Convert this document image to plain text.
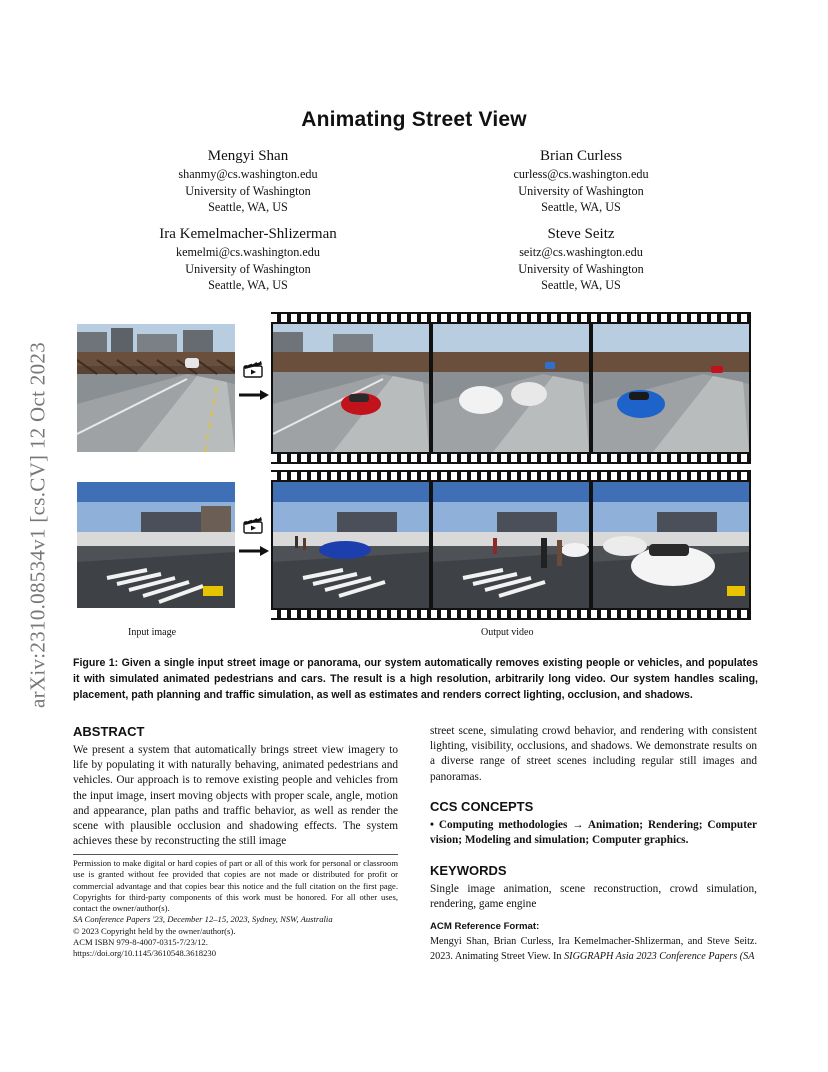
arXiv:2310.08534v1 [cs.CV] 12 Oct 2023
Animating Street View
Mengyi Shan
shanmy@cs.washington.edu
University of Washington
Seattle, WA, US
Brian Curless
curless@cs.washington.edu
University of Washington
Seattle, WA, US
Ira Kemelmacher-Shlizerman
kemelmi@cs.washington.edu
University of Washington
Seattle, WA, US
Steve Seitz
seitz@cs.washington.edu
University of Washington
Seattle, WA, US
Input image	Output video
Figure 1: Given a single input street image or panorama, our system automatically removes existing people or vehicles, and populates it with simulated animated pedestrians and cars. The result is a high resolution, arbitrarily long video. Our system handles scaling, placement, path planning and traffic simulation, as well as estimates and renders correct lighting, occlusion, and shadows.
ABSTRACT
We present a system that automatically brings street view imagery to life by populating it with naturally behaving, animated pedestrians and vehicles. Our approach is to remove existing people and vehicles from the input image, insert moving objects with proper scale, angle, motion and appearance, plan paths and traffic behavior, as well as render the scene with plausible occlusion and shadowing effects. The system achieves these by reconstructing the still image
Permission to make digital or hard copies of part or all of this work for personal or classroom use is granted without fee provided that copies are not made or distributed for profit or commercial advantage and that copies bear this notice and the full citation on the first page. Copyrights for third-party components of this work must be honored. For all other uses, contact the owner/author(s).
SA Conference Papers '23, December 12–15, 2023, Sydney, NSW, Australia
© 2023 Copyright held by the owner/author(s).
ACM ISBN 979-8-4007-0315-7/23/12.
https://doi.org/10.1145/3610548.3618230
street scene, simulating crowd behavior, and rendering with consistent lighting, visibility, occlusions, and shadows. We demonstrate results on a diverse range of street scenes including regular still images and panoramas.
CCS CONCEPTS
• Computing methodologies → Animation; Rendering; Computer vision; Modeling and simulation; Computer graphics.
KEYWORDS
Single image animation, scene reconstruction, crowd simulation, rendering, game engine
ACM Reference Format:
Mengyi Shan, Brian Curless, Ira Kemelmacher-Shlizerman, and Steve Seitz. 2023. Animating Street View. In SIGGRAPH Asia 2023 Conference Papers (SA
